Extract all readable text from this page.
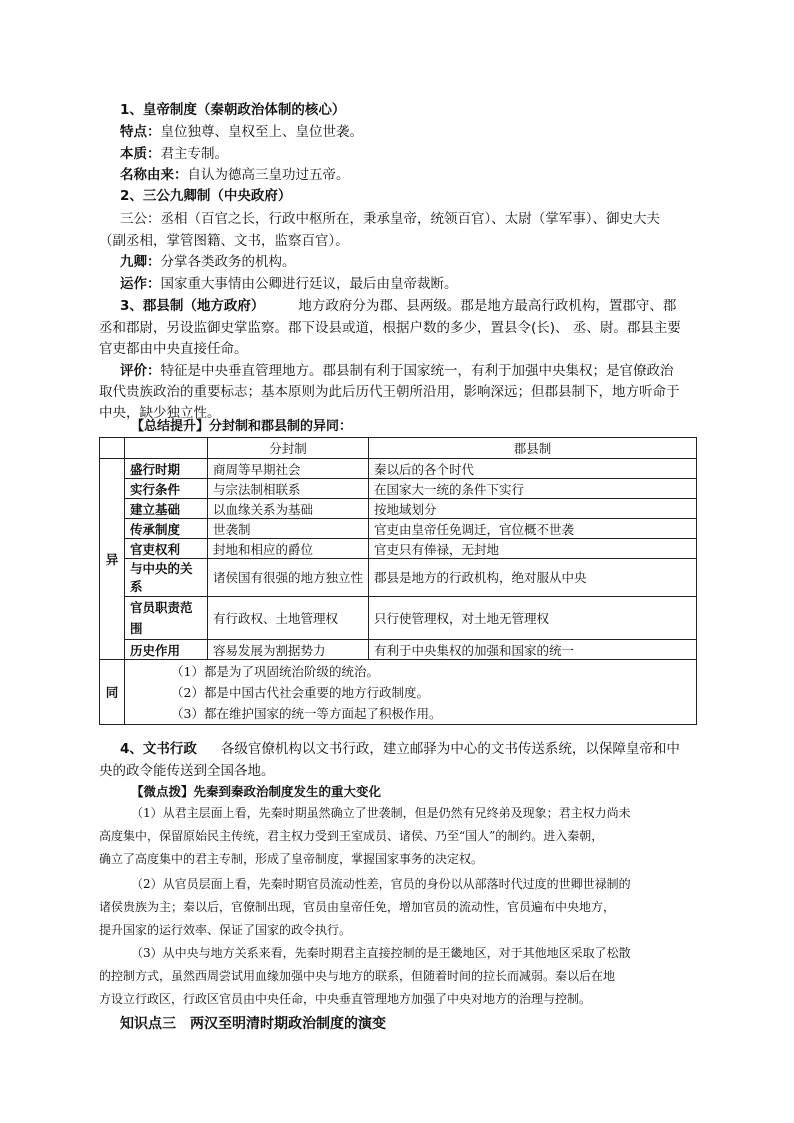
1、皇帝制度（秦朝政治体制的核心）
特点：皇位独尊、皇权至上、皇位世袭。
本质：君主专制。
名称由来：自认为德高三皇功过五帝。
2、三公九卿制（中央政府）
三公：丞相（百官之长，行政中枢所在，秉承皇帝，统领百官）、太尉（掌军事）、御史大夫
（副丞相，掌管图籍、文书，监察百官）。
九卿：分掌各类政务的机构。
运作：国家重大事情由公卿进行廷议，最后由皇帝裁断。
3、郡县制（地方政府）	地方政府分为郡、县两级。郡是地方最高行政机构，置郡守、郡
丞和郡尉，另设监御史掌监察。郡下设县或道，根据户数的多少，置县令(长)、 丞、尉。郡县主要
官吏都由中央直接任命。
评价：特征是中央垂直管理地方。郡县制有利于国家统一，有利于加强中央集权；是官僚政治
取代贵族政治的重要标志；基本原则为此后历代王朝所沿用，影响深远；但郡县制下，地方听命于
中央，缺少独立性。
【总结提升】分封制和郡县制的异同：
		分封制	郡县制
异	盛行时期	商周等早期社会	秦以后的各个时代
	实行条件	与宗法制相联系	在国家大一统的条件下实行
	建立基础	以血缘关系为基础	按地域划分
	传承制度	世袭制	官吏由皇帝任免调迁，官位概不世袭
	官吏权利	封地和相应的爵位	官吏只有俸禄，无封地
	与中央的关系	诸侯国有很强的地方独立性	郡县是地方的行政机构，绝对服从中央
	官员职责范围	有行政权、土地管理权	只行使管理权，对土地无管理权
	历史作用	容易发展为割据势力	有利于中央集权的加强和国家的统一
同	（1）都是为了巩固统治阶级的统治。
（2）都是中国古代社会重要的地方行政制度。
（3）都在维护国家的统一等方面起了积极作用。		
4、文书行政 各级官僚机构以文书行政，建立邮驿为中心的文书传送系统，以保障皇帝和中
央的政令能传送到全国各地。
【微点拨】先秦到秦政治制度发生的重大变化
（1）从君主层面上看，先秦时期虽然确立了世袭制，但是仍然有兄终弟及现象；君主权力尚未
高度集中，保留原始民主传统，君主权力受到王室成员、诸侯、乃至“国人”的制约。进入秦朝，
确立了高度集中的君主专制，形成了皇帝制度，掌握国家事务的决定权。
（2）从官员层面上看，先秦时期官员流动性差，官员的身份以从部落时代过度的世卿世禄制的
诸侯贵族为主；秦以后，官僚制出现，官员由皇帝任免，增加官员的流动性，官员遍布中央地方，
提升国家的运行效率、保证了国家的政令执行。
（3）从中央与地方关系来看，先秦时期君主直接控制的是王畿地区，对于其他地区采取了松散
的控制方式，虽然西周尝试用血缘加强中央与地方的联系，但随着时间的拉长而减弱。秦以后在地
方设立行政区，行政区官员由中央任命，中央垂直管理地方加强了中央对地方的治理与控制。
知识点三　两汉至明清时期政治制度的演变
